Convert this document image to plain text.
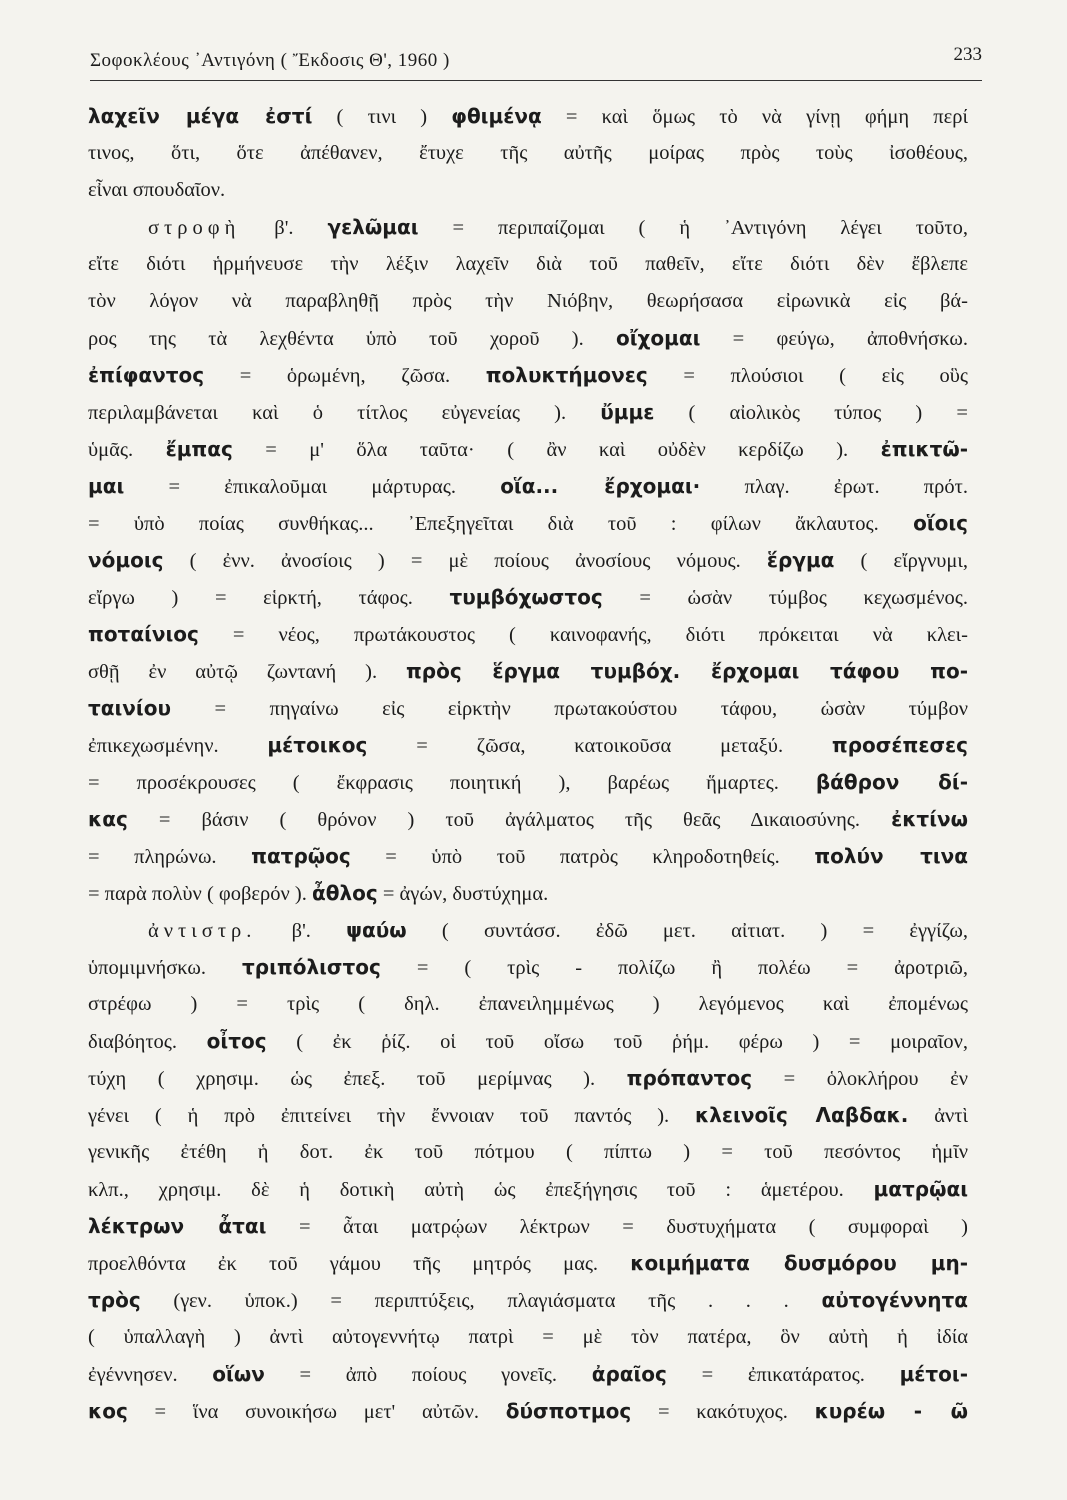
Σοφοκλέους ᾿Αντιγόνη ( Ἔκδοσις Θ', 1960 )	233
λαχεῖν μέγα ἐστί ( τινι ) φθιμένᾳ = καὶ ὅμως τὸ νὰ γίνῃ φήμη περί
τινος, ὅτι, ὅτε ἀπέθανεν, ἔτυχε τῆς αὐτῆς μοίρας πρὸς τοὺς ἰσοθέους,
εἶναι σπουδαῖον.
στροφὴ β'. γελῶμαι = περιπαίζομαι ( ἡ ᾿Αντιγόνη λέγει τοῦτο,
εἴτε διότι ἡρμήνευσε τὴν λέξιν λαχεῖν διὰ τοῦ παθεῖν, εἴτε διότι δὲν ἔβλεπε
τὸν λόγον νὰ παραβληθῇ πρὸς τὴν Νιόβην, θεωρήσασα εἰρωνικὰ εἰς βά-
ρος της τὰ λεχθέντα ὑπὸ τοῦ χοροῦ ). οἴχομαι = φεύγω, ἀποθνήσκω.
ἐπίφαντος = ὁρωμένη, ζῶσα. πολυκτήμονες = πλούσιοι ( εἰς οὓς
περιλαμβάνεται καὶ ὁ τίτλος εὐγενείας ). ὔμμε ( αἰολικὸς τύπος ) =
ὑμᾶς. ἔμπας = μ' ὅλα ταῦτα· ( ἂν καὶ οὐδὲν κερδίζω ). ἐπικτῶ-
μαι = ἐπικαλοῦμαι μάρτυρας. οἵα... ἔρχομαι· πλαγ. ἐρωτ. πρότ.
= ὑπὸ ποίας συνθήκας... ᾿Επεξηγεῖται διὰ τοῦ : φίλων ἄκλαυτος. οἵοις
νόμοις ( ἐνν. ἀνοσίοις ) = μὲ ποίους ἀνοσίους νόμους. ἕργμα ( εἴργνυμι,
εἴργω ) = εἱρκτή, τάφος. τυμβόχωστος = ὡσὰν τύμβος κεχωσμένος.
ποταίνιος = νέος, πρωτάκουστος ( καινοφανής, διότι πρόκειται νὰ κλει-
σθῇ ἐν αὐτῷ ζωντανή ). πρὸς ἕργμα τυμβόχ. ἔρχομαι τάφου πο-
ταινίου = πηγαίνω εἰς εἱρκτὴν πρωτακούστου τάφου, ὡσὰν τύμβον
ἐπικεχωσμένην. μέτοικος = ζῶσα, κατοικοῦσα μεταξύ. προσέπεσες
= προσέκρουσες ( ἔκφρασις ποιητική ), βαρέως ἥμαρτες. βάθρον δί-
κας = βάσιν ( θρόνον ) τοῦ ἀγάλματος τῆς θεᾶς Δικαιοσύνης. ἐκτίνω
= πληρώνω. πατρῷος = ὑπὸ τοῦ πατρὸς κληροδοτηθείς. πολύν τινα
= παρὰ πολὺν ( φοβερόν ). ἆθλος = ἀγών, δυστύχημα.
ἀντιστρ. β'. ψαύω ( συντάσσ. ἐδῶ μετ. αἰτιατ. ) = ἐγγίζω,
ὑπομιμνήσκω. τριπόλιστος = ( τρὶς - πολίζω ἢ πολέω = ἀροτριῶ,
στρέφω ) = τρὶς ( δηλ. ἐπανειλημμένως ) λεγόμενος καὶ ἐπομένως
διαβόητος. οἶτος ( ἐκ ῥίζ. οἱ τοῦ οἴσω τοῦ ῥήμ. φέρω ) = μοιραῖον,
τύχη ( χρησιμ. ὡς ἐπεξ. τοῦ μερίμνας ). πρόπαντος = ὁλοκλήρου ἐν
γένει ( ἡ πρὸ ἐπιτείνει τὴν ἔννοιαν τοῦ παντός ). κλεινοῖς Λαβδακ. ἀντὶ
γενικῆς ἐτέθη ἡ δοτ. ἐκ τοῦ πότμου ( πίπτω ) = τοῦ πεσόντος ἡμῖν
κλπ., χρησιμ. δὲ ἡ δοτικὴ αὐτὴ ὡς ἐπεξήγησις τοῦ : ἁμετέρου. ματρῷαι
λέκτρων ἆται = ἆται ματρῴων λέκτρων = δυστυχήματα ( συμφοραὶ )
προελθόντα ἐκ τοῦ γάμου τῆς μητρός μας. κοιμήματα δυσμόρου μη-
τρὸς (γεν. ὑποκ.) = περιπτύξεις, πλαγιάσματα τῆς . . . αὐτογέννητα
( ὑπαλλαγὴ ) ἀντὶ αὐτογεννήτῳ πατρὶ = μὲ τὸν πατέρα, ὃν αὐτὴ ἡ ἰδία
ἐγέννησεν. οἵων = ἀπὸ ποίους γονεῖς. ἀραῖος = ἐπικατάρατος. μέτοι-
κος = ἵνα συνοικήσω μετ' αὐτῶν. δύσποτμος = κακότυχος. κυρέω - ῶ
